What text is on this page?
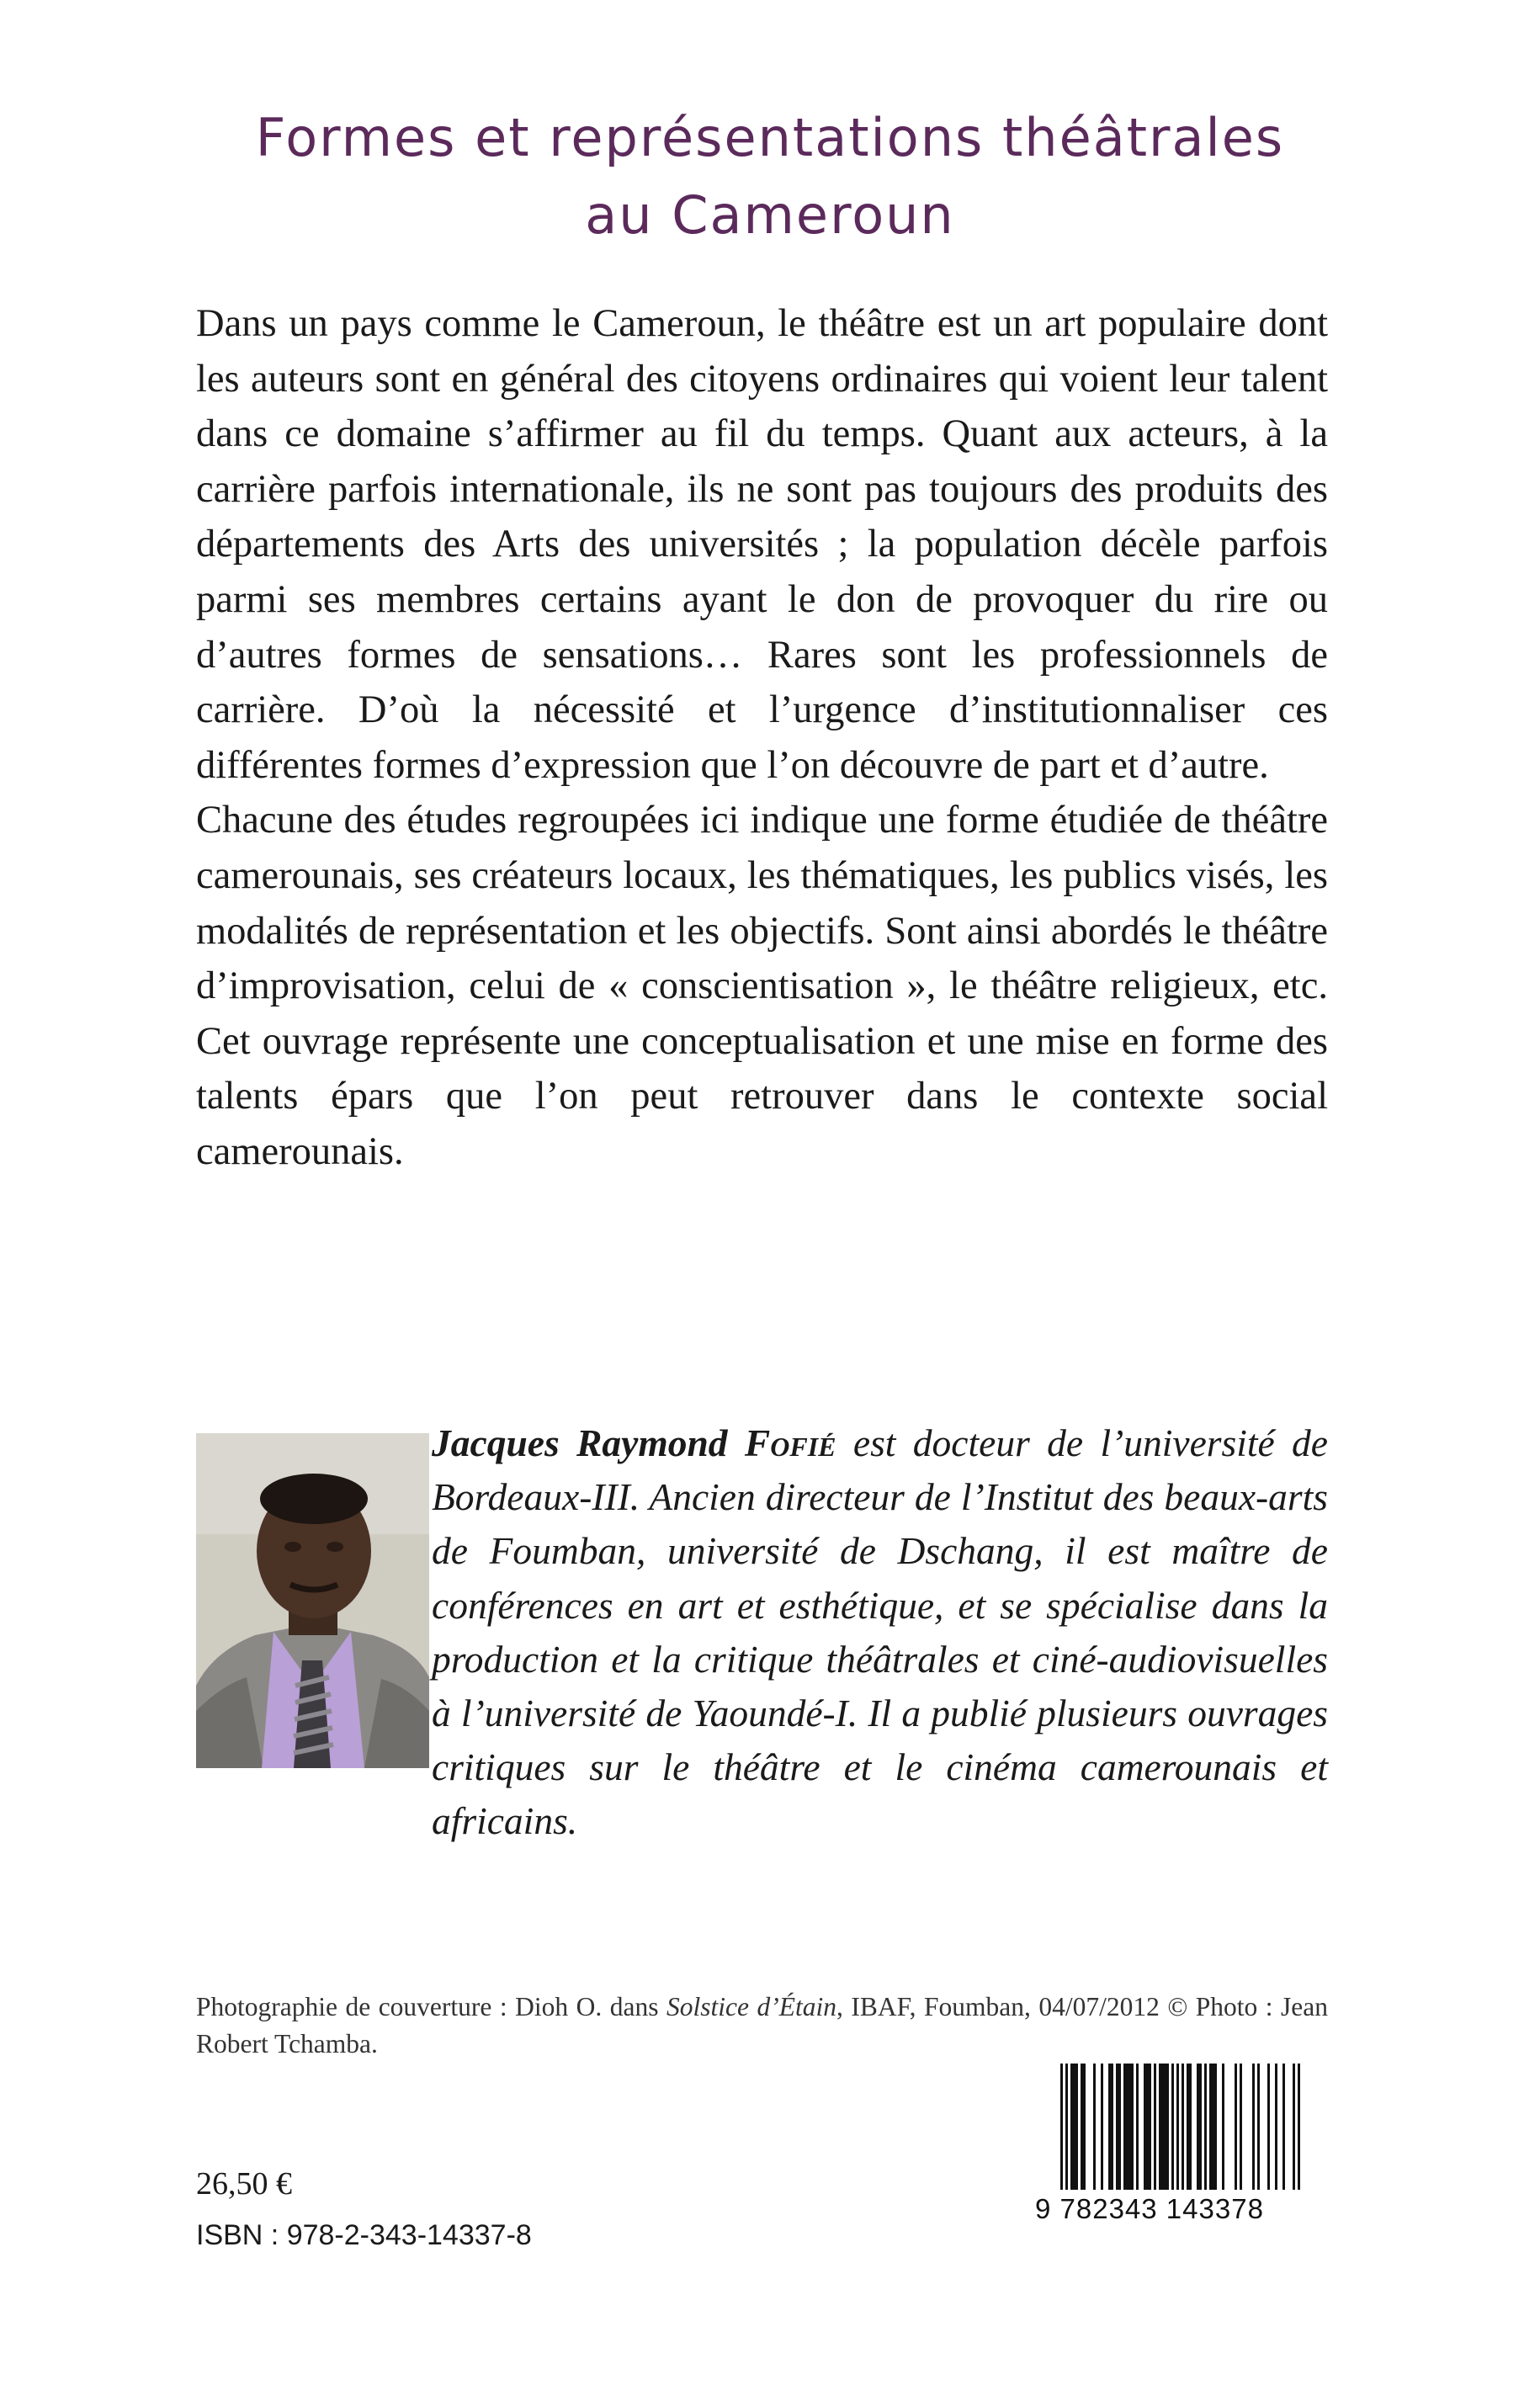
Formes et représentations théâtrales
au Cameroun

Dans un pays comme le Cameroun, le théâtre est un art populaire dont les auteurs sont en général des citoyens ordinaires qui voient leur talent dans ce domaine s’affirmer au fil du temps. Quant aux acteurs, à la carrière parfois internationale, ils ne sont pas toujours des produits des départements des Arts des universités ; la population décèle parfois parmi ses membres certains ayant le don de provoquer du rire ou d’autres formes de sensations… Rares sont les professionnels de carrière. D’où la nécessité et l’urgence d’institutionnaliser ces différentes formes d’expression que l’on découvre de part et d’autre.

Chacune des études regroupées ici indique une forme étudiée de théâtre camerounais, ses créateurs locaux, les thématiques, les publics visés, les modalités de représentation et les objectifs. Sont ainsi abordés le théâtre d’improvisation, celui de « conscientisation », le théâtre religieux, etc. Cet ouvrage représente une conceptualisation et une mise en forme des talents épars que l’on peut retrouver dans le contexte social camerounais.

Jacques Raymond Fofié est docteur de l’université de Bordeaux-III. Ancien directeur de l’Institut des beaux-arts de Foumban, université de Dschang, il est maître de conférences en art et esthétique, et se spécialise dans la production et la critique théâtrales et ciné-audiovisuelles à l’université de Yaoundé-I. Il a publié plusieurs ouvrages critiques sur le théâtre et le cinéma camerounais et africains.
Photographie de couverture : Dioh O. dans Solstice d’Étain, IBAF, Foumban, 04/07/2012 © Photo : Jean Robert Tchamba.
26,50 €
ISBN : 978-2-343-14337-8
9 782343 143378
